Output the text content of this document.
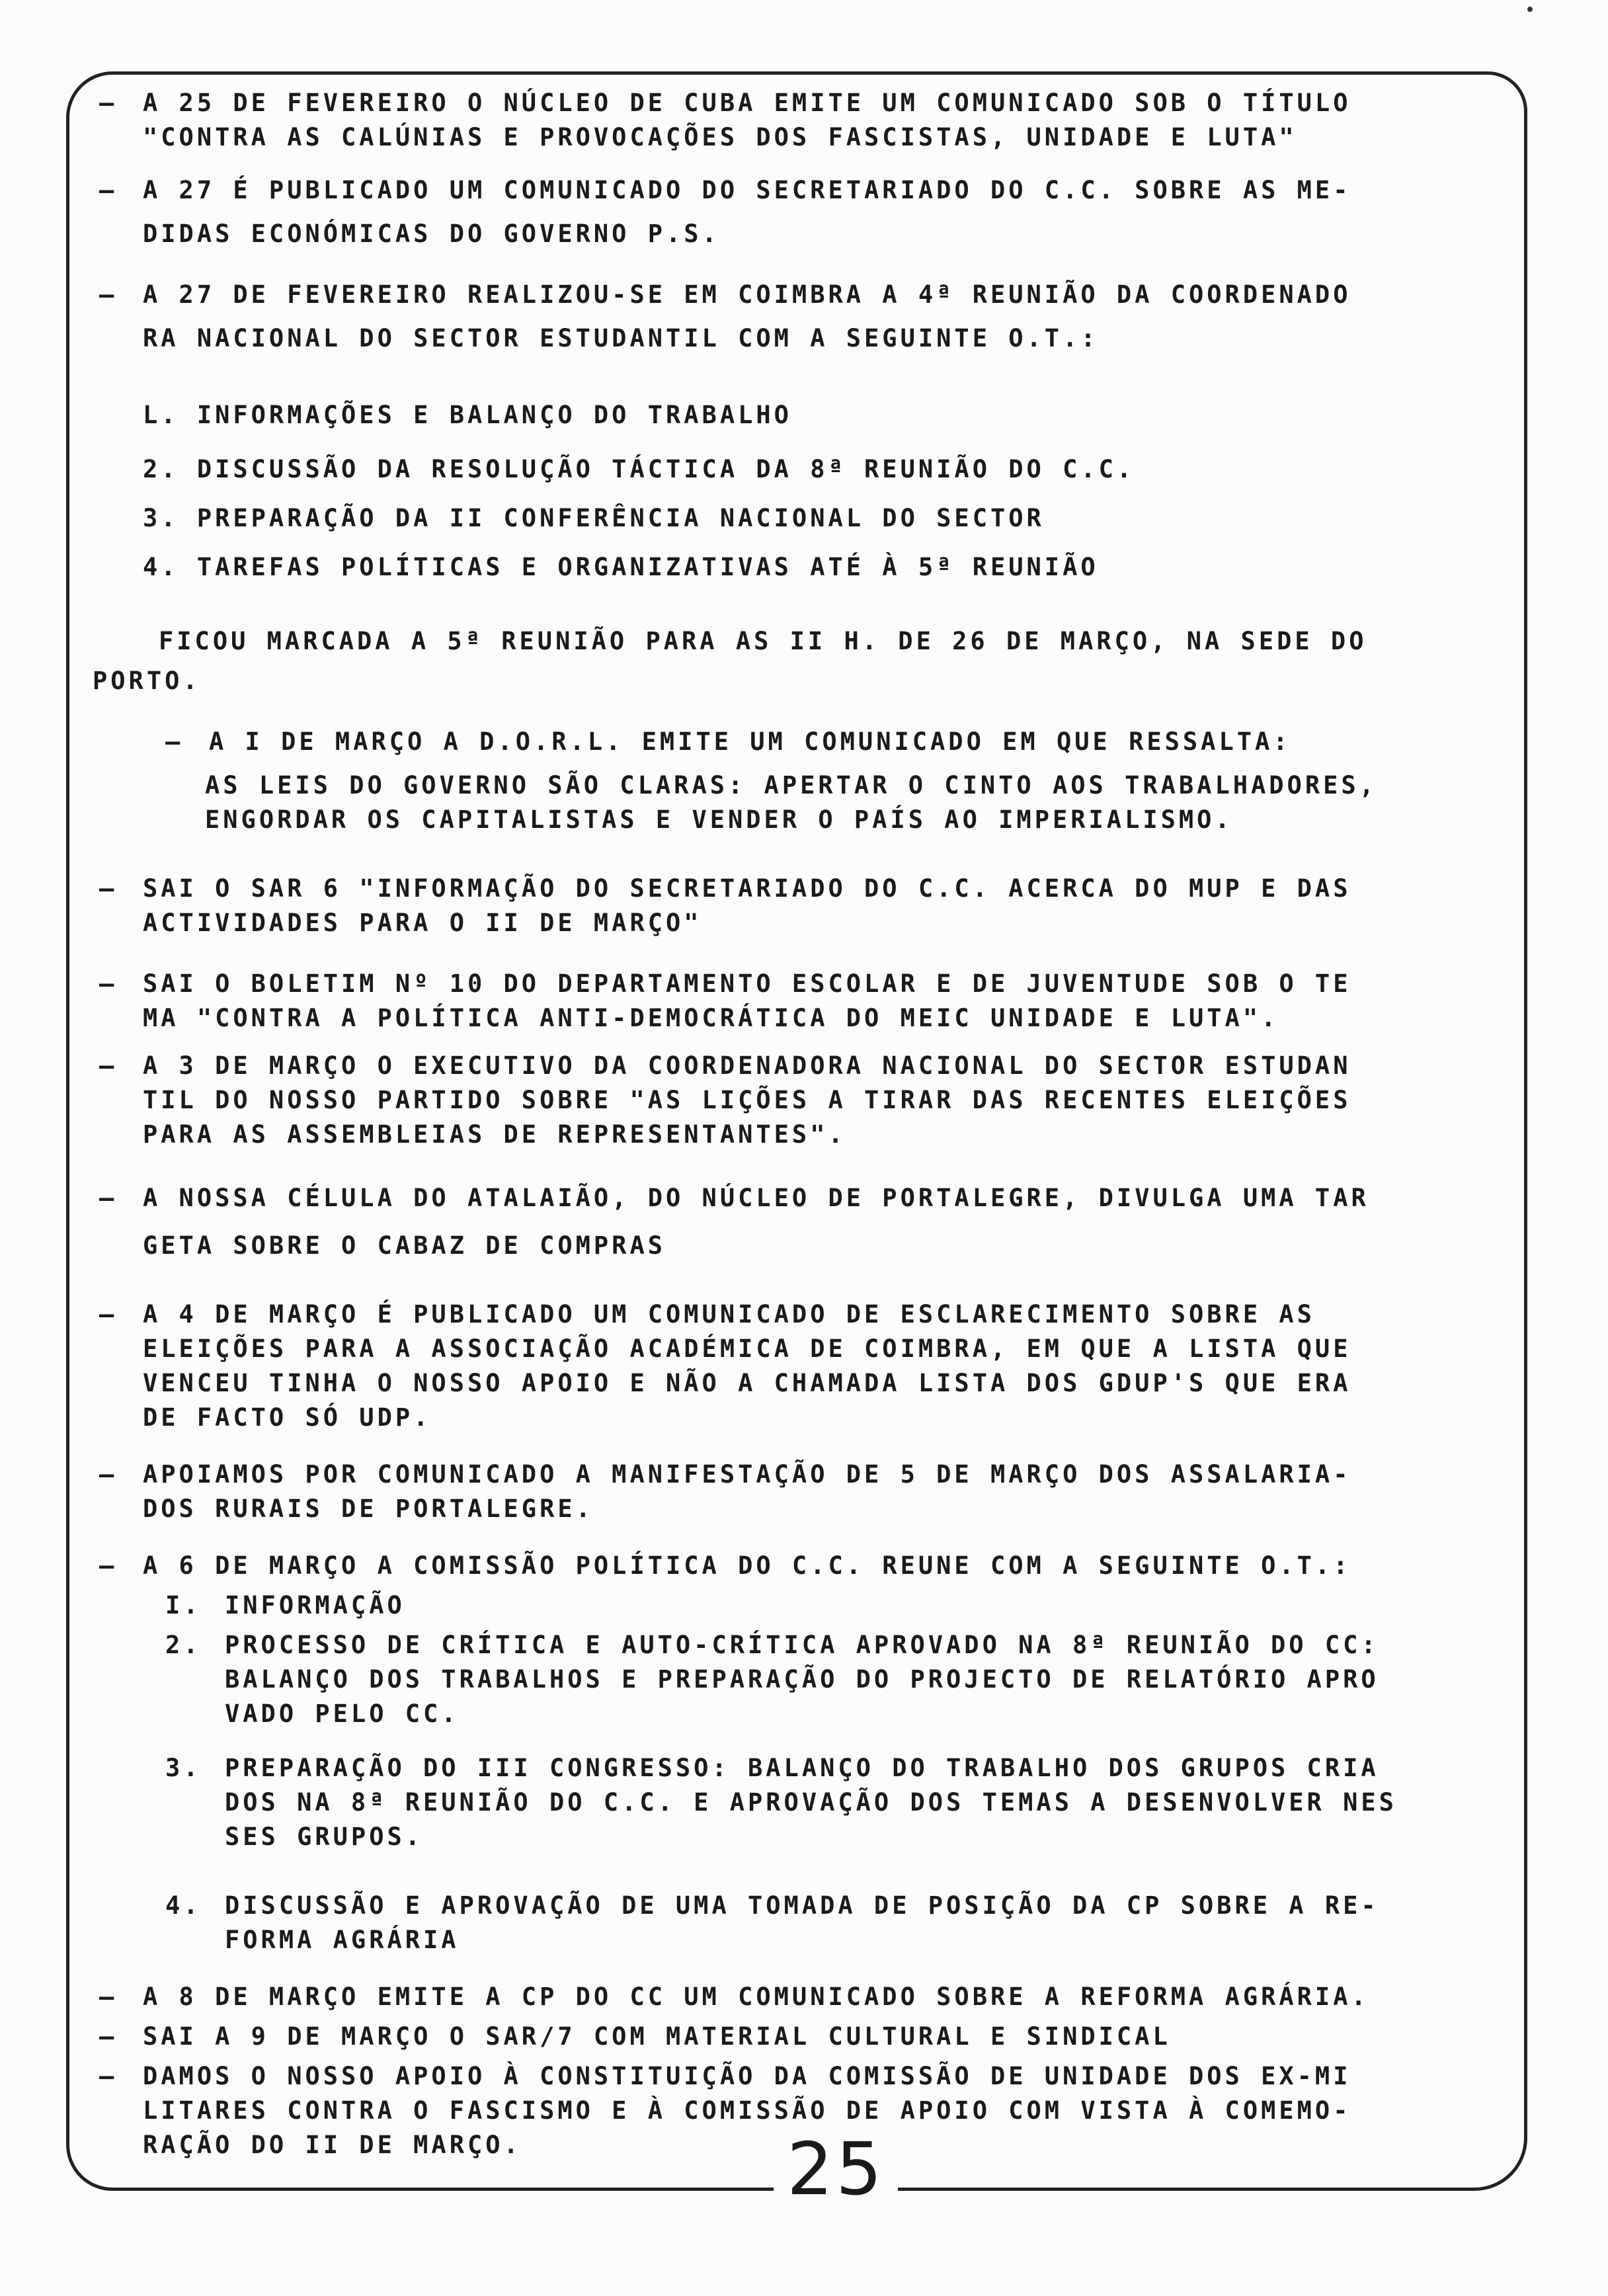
–	A 25 DE FEVEREIRO O NÚCLEO DE CUBA EMITE UM COMUNICADO SOB O TÍTULO
"CONTRA AS CALÚNIAS E PROVOCAÇÕES DOS FASCISTAS, UNIDADE E LUTA"
–	A 27 É PUBLICADO UM COMUNICADO DO SECRETARIADO DO C.C. SOBRE AS ME-
DIDAS ECONÓMICAS DO GOVERNO P.S.
–	A 27 DE FEVEREIRO REALIZOU-SE EM COIMBRA A 4ª REUNIÃO DA COORDENADO
RA NACIONAL DO SECTOR ESTUDANTIL COM A SEGUINTE O.T.:
L. INFORMAÇÕES E BALANÇO DO TRABALHO
2. DISCUSSÃO DA RESOLUÇÃO TÁCTICA DA 8ª REUNIÃO DO C.C.
3. PREPARAÇÃO DA II CONFERÊNCIA NACIONAL DO SECTOR
4. TAREFAS POLÍTICAS E ORGANIZATIVAS ATÉ À 5ª REUNIÃO
FICOU MARCADA A 5ª REUNIÃO PARA AS II H. DE 26 DE MARÇO, NA SEDE DO
PORTO.
–	A I DE MARÇO A D.O.R.L. EMITE UM COMUNICADO EM QUE RESSALTA:
AS LEIS DO GOVERNO SÃO CLARAS: APERTAR O CINTO AOS TRABALHADORES,
ENGORDAR OS CAPITALISTAS E VENDER O PAÍS AO IMPERIALISMO.
–	SAI O SAR 6 "INFORMAÇÃO DO SECRETARIADO DO C.C. ACERCA DO MUP E DAS
ACTIVIDADES PARA O II DE MARÇO"
–	SAI O BOLETIM Nº 10 DO DEPARTAMENTO ESCOLAR E DE JUVENTUDE SOB O TE
MA "CONTRA A POLÍTICA ANTI-DEMOCRÁTICA DO MEIC UNIDADE E LUTA".
–	A 3 DE MARÇO O EXECUTIVO DA COORDENADORA NACIONAL DO SECTOR ESTUDAN
TIL DO NOSSO PARTIDO SOBRE "AS LIÇÕES A TIRAR DAS RECENTES ELEIÇÕES
PARA AS ASSEMBLEIAS DE REPRESENTANTES".
–	A NOSSA CÉLULA DO ATALAIÃO, DO NÚCLEO DE PORTALEGRE, DIVULGA UMA TAR
GETA SOBRE O CABAZ DE COMPRAS
–	A 4 DE MARÇO É PUBLICADO UM COMUNICADO DE ESCLARECIMENTO SOBRE AS
ELEIÇÕES PARA A ASSOCIAÇÃO ACADÉMICA DE COIMBRA, EM QUE A LISTA QUE
VENCEU TINHA O NOSSO APOIO E NÃO A CHAMADA LISTA DOS GDUP'S QUE ERA
DE FACTO SÓ UDP.
–	APOIAMOS POR COMUNICADO A MANIFESTAÇÃO DE 5 DE MARÇO DOS ASSALARIA-
DOS RURAIS DE PORTALEGRE.
–	A 6 DE MARÇO A COMISSÃO POLÍTICA DO C.C. REUNE COM A SEGUINTE O.T.:
I. INFORMAÇÃO
2. PROCESSO DE CRÍTICA E AUTO-CRÍTICA APROVADO NA 8ª REUNIÃO DO CC:
BALANÇO DOS TRABALHOS E PREPARAÇÃO DO PROJECTO DE RELATÓRIO APRO
VADO PELO CC.
3. PREPARAÇÃO DO III CONGRESSO: BALANÇO DO TRABALHO DOS GRUPOS CRIA
DOS NA 8ª REUNIÃO DO C.C. E APROVAÇÃO DOS TEMAS A DESENVOLVER NES
SES GRUPOS.
4. DISCUSSÃO E APROVAÇÃO DE UMA TOMADA DE POSIÇÃO DA CP SOBRE A RE-
FORMA AGRÁRIA
–	A 8 DE MARÇO EMITE A CP DO CC UM COMUNICADO SOBRE A REFORMA AGRÁRIA.
–	SAI A 9 DE MARÇO O SAR/7 COM MATERIAL CULTURAL E SINDICAL
–	DAMOS O NOSSO APOIO À CONSTITUIÇÃO DA COMISSÃO DE UNIDADE DOS EX-MI
LITARES CONTRA O FASCISMO E À COMISSÃO DE APOIO COM VISTA À COMEMO-
RAÇÃO DO II DE MARÇO.	25
